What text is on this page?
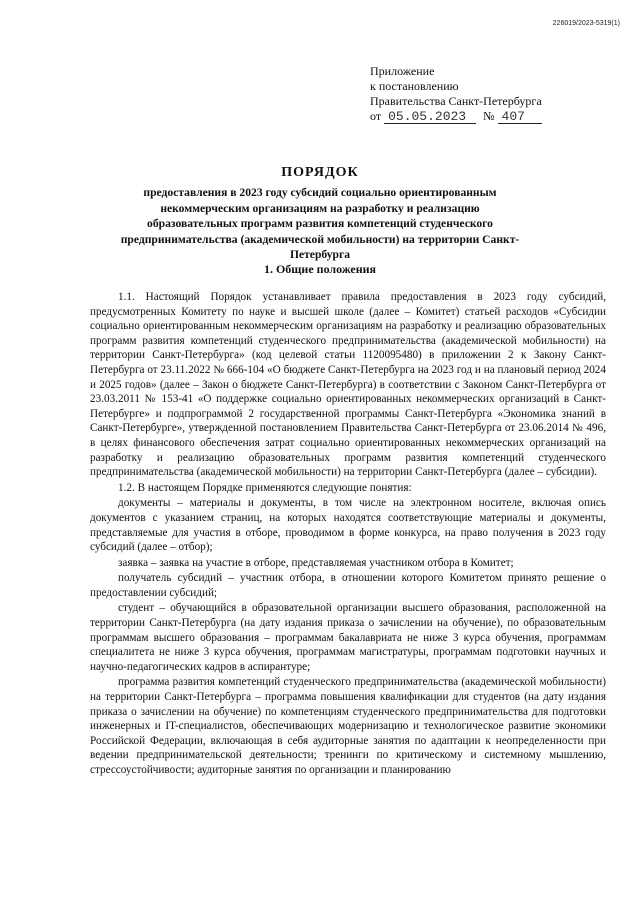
226019/2023-5319(1)
Приложение
к постановлению
Правительства Санкт-Петербурга
от 05.05.2023 № 407
ПОРЯДОК
предоставления в 2023 году субсидий социально ориентированным некоммерческим организациям на разработку и реализацию образовательных программ развития компетенций студенческого предпринимательства (академической мобильности) на территории Санкт-Петербурга
1. Общие положения

1.1. Настоящий Порядок устанавливает правила предоставления в 2023 году субсидий, предусмотренных Комитету по науке и высшей школе (далее – Комитет) статьей расходов «Субсидии социально ориентированным некоммерческим организациям на разработку и реализацию образовательных программ развития компетенций студенческого предпринимательства (академической мобильности) на территории Санкт-Петербурга» (код целевой статьи 1120095480) в приложении 2 к Закону Санкт-Петербурга от 23.11.2022 № 666-104 «О бюджете Санкт-Петербурга на 2023 год и на плановый период 2024 и 2025 годов» (далее – Закон о бюджете Санкт-Петербурга) в соответствии с Законом Санкт-Петербурга от 23.03.2011 № 153-41 «О поддержке социально ориентированных некоммерческих организаций в Санкт-Петербурге» и подпрограммой 2 государственной программы Санкт-Петербурга «Экономика знаний в Санкт-Петербурге», утвержденной постановлением Правительства Санкт-Петербурга от 23.06.2014 № 496, в целях финансового обеспечения затрат социально ориентированных некоммерческих организаций на разработку и реализацию образовательных программ развития компетенций студенческого предпринимательства (академической мобильности) на территории Санкт-Петербурга (далее – субсидии).

1.2. В настоящем Порядке применяются следующие понятия:

документы – материалы и документы, в том числе на электронном носителе, включая опись документов с указанием страниц, на которых находятся соответствующие материалы и документы, представляемые для участия в отборе, проводимом в форме конкурса, на право получения в 2023 году субсидий (далее – отбор);

заявка – заявка на участие в отборе, представляемая участником отбора в Комитет;

получатель субсидий – участник отбора, в отношении которого Комитетом принято решение о предоставлении субсидий;

студент – обучающийся в образовательной организации высшего образования, расположенной на территории Санкт-Петербурга (на дату издания приказа о зачислении на обучение), по образовательным программам высшего образования – программам бакалавриата не ниже 3 курса обучения, программам специалитета не ниже 3 курса обучения, программам магистратуры, программам подготовки научных и научно-педагогических кадров в аспирантуре;

программа развития компетенций студенческого предпринимательства (академической мобильности) на территории Санкт-Петербурга – программа повышения квалификации для студентов (на дату издания приказа о зачислении на обучение) по компетенциям студенческого предпринимательства для подготовки инженерных и IT-специалистов, обеспечивающих модернизацию и технологическое развитие экономики Российской Федерации, включающая в себя аудиторные занятия по адаптации к неопределенности при ведении предпринимательской деятельности; тренинги по критическому и системному мышлению, стрессоустойчивости; аудиторные занятия по организации и планированию
